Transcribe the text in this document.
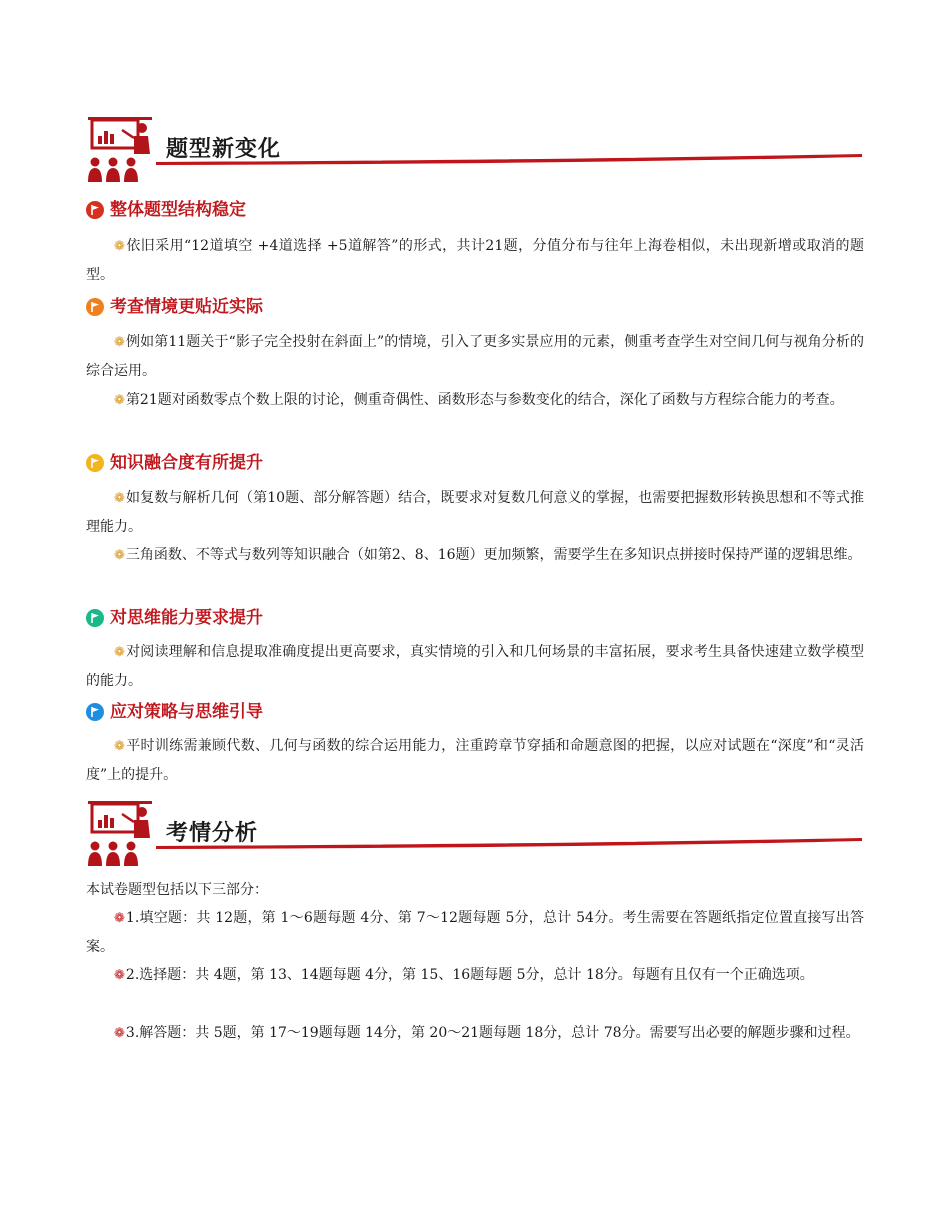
题型新变化
整体题型结构稳定
❁依旧采用“12道填空 +4道选择 +5道解答”的形式，共计21题，分值分布与往年上海卷相似，未出现新增或取消的题型。
考查情境更贴近实际
❁例如第11题关于“影子完全投射在斜面上”的情境，引入了更多实景应用的元素，侧重考查学生对空间几何与视角分析的综合运用。
❁第21题对函数零点个数上限的讨论，侧重奇偶性、函数形态与参数变化的结合，深化了函数与方程综合能力的考查。
知识融合度有所提升
❁如复数与解析几何（第10题、部分解答题）结合，既要求对复数几何意义的掌握，也需要把握数形转换思想和不等式推理能力。
❁三角函数、不等式与数列等知识融合（如第2、8、16题）更加频繁，需要学生在多知识点拼接时保持严谨的逻辑思维。
对思维能力要求提升
❁对阅读理解和信息提取准确度提出更高要求，真实情境的引入和几何场景的丰富拓展，要求考生具备快速建立数学模型的能力。
应对策略与思维引导
❁平时训练需兼顾代数、几何与函数的综合运用能力，注重跨章节穿插和命题意图的把握，以应对试题在“深度”和“灵活度”上的提升。
考情分析
本试卷题型包括以下三部分：
❁1.填空题：共 12题，第 1～6题每题 4分、第 7～12题每题 5分，总计 54分。考生需要在答题纸指定位置直接写出答案。
❁2.选择题：共 4题，第 13、14题每题 4分，第 15、16题每题 5分，总计 18分。每题有且仅有一个正确选项。
❁3.解答题：共 5题，第 17～19题每题 14分，第 20～21题每题 18分，总计 78分。需要写出必要的解题步骤和过程。
